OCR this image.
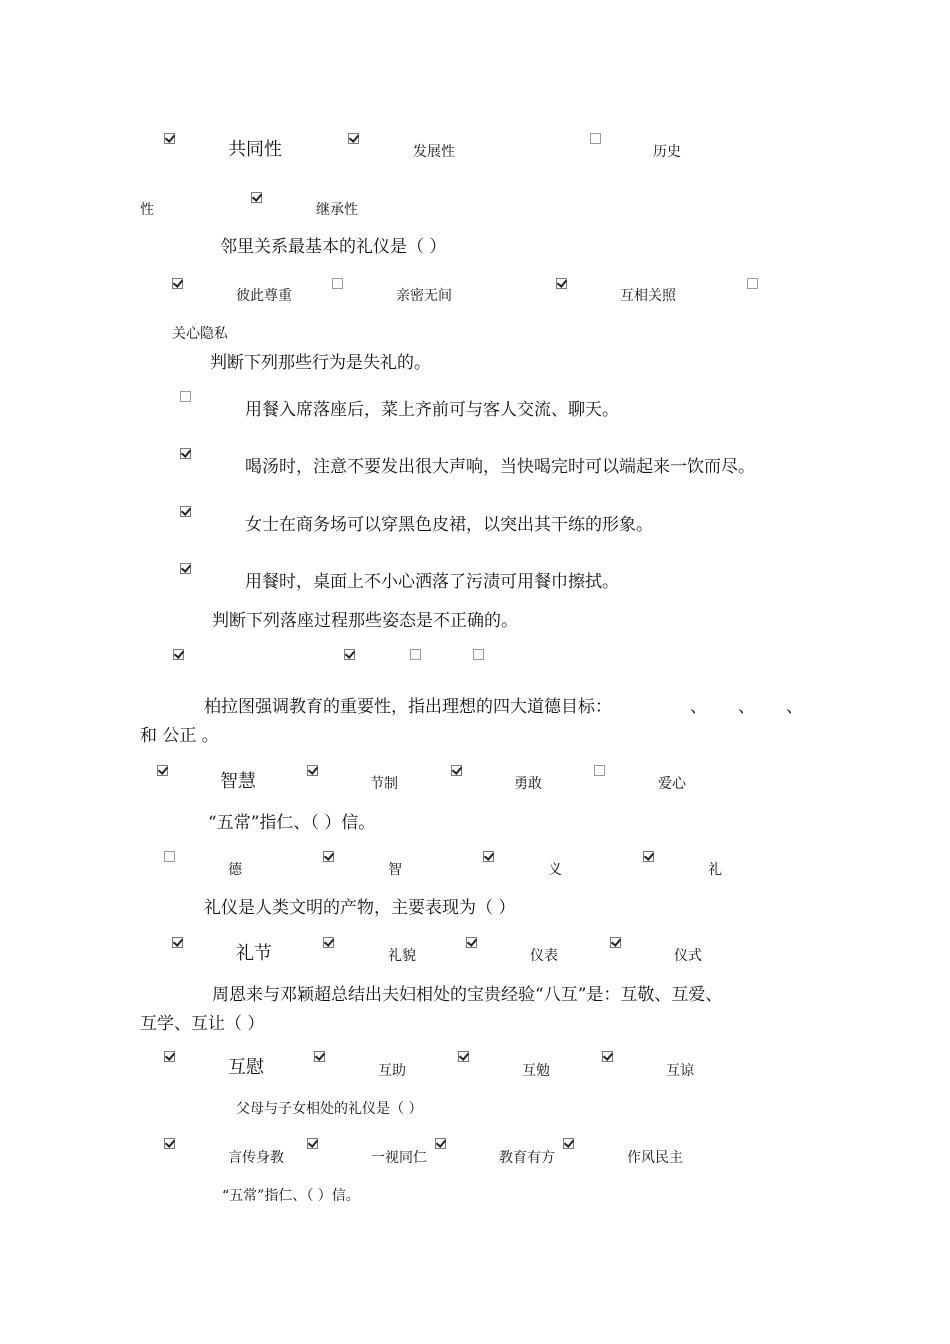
共同性	发展性	历史
性	继承性
邻里关系最基本的礼仪是（ ）
彼此尊重	亲密无间	互相关照
关心隐私
判断下列那些行为是失礼的。
用餐入席落座后，菜上齐前可与客人交流、聊天。
喝汤时，注意不要发出很大声响，当快喝完时可以端起来一饮而尽。
女士在商务场可以穿黑色皮裙，以突出其干练的形象。
用餐时，桌面上不小心洒落了污渍可用餐巾擦拭。
判断下列落座过程那些姿态是不正确的。
柏拉图强调教育的重要性，指出理想的四大道德目标：	、 、 、
和 公正 。
智慧	节制	勇敢	爱心
“五常”指仁、（ ）信。
德	智	义	礼
礼仪是人类文明的产物，主要表现为（ ）
礼节	礼貌	仪表	仪式
周恩来与邓颖超总结出夫妇相处的宝贵经验“八互”是：互敬、互爱、
互学、互让（ ）
互慰	互助	互勉	互谅
父母与子女相处的礼仪是（ ）
言传身教	一视同仁	教育有方	作风民主
“五常”指仁、（ ）信。
